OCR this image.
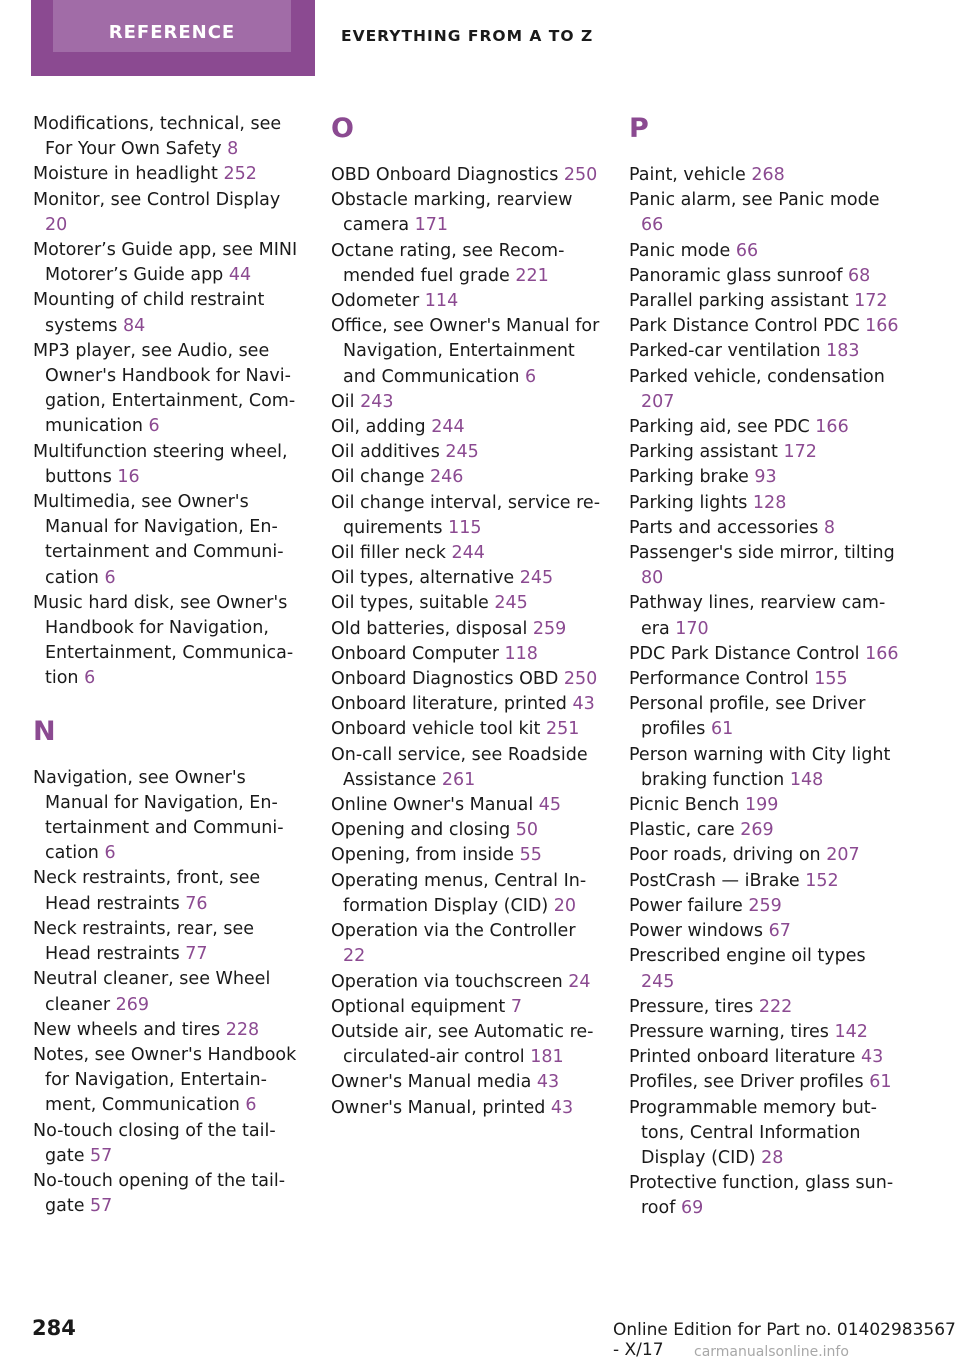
REFERENCE	EVERYTHING FROM A TO Z
Modifications, technical, see For Your Own Safety 8
Moisture in headlight 252
Monitor, see Control Display 20
Motorer’s Guide app, see MINI Motorer’s Guide app 44
Mounting of child restraint systems 84
MP3 player, see Audio, see Owner's Handbook for Navigation, Entertainment, Communication 6
Multifunction steering wheel, buttons 16
Multimedia, see Owner's Manual for Navigation, Entertainment and Communication 6
Music hard disk, see Owner's Handbook for Navigation, Entertainment, Communication 6
N
Navigation, see Owner's Manual for Navigation, Entertainment and Communication 6
Neck restraints, front, see Head restraints 76
Neck restraints, rear, see Head restraints 77
Neutral cleaner, see Wheel cleaner 269
New wheels and tires 228
Notes, see Owner's Handbook for Navigation, Entertainment, Communication 6
No-touch closing of the tailgate 57
No-touch opening of the tailgate 57
O
OBD Onboard Diagnostics 250
Obstacle marking, rearview camera 171
Octane rating, see Recommended fuel grade 221
Odometer 114
Office, see Owner's Manual for Navigation, Entertainment and Communication 6
Oil 243
Oil, adding 244
Oil additives 245
Oil change 246
Oil change interval, service requirements 115
Oil filler neck 244
Oil types, alternative 245
Oil types, suitable 245
Old batteries, disposal 259
Onboard Computer 118
Onboard Diagnostics OBD 250
Onboard literature, printed 43
Onboard vehicle tool kit 251
On-call service, see Roadside Assistance 261
Online Owner's Manual 45
Opening and closing 50
Opening, from inside 55
Operating menus, Central Information Display (CID) 20
Operation via the Controller 22
Operation via touchscreen 24
Optional equipment 7
Outside air, see Automatic recirculated-air control 181
Owner's Manual media 43
Owner's Manual, printed 43
P
Paint, vehicle 268
Panic alarm, see Panic mode 66
Panic mode 66
Panoramic glass sunroof 68
Parallel parking assistant 172
Park Distance Control PDC 166
Parked-car ventilation 183
Parked vehicle, condensation 207
Parking aid, see PDC 166
Parking assistant 172
Parking brake 93
Parking lights 128
Parts and accessories 8
Passenger's side mirror, tilting 80
Pathway lines, rearview camera 170
PDC Park Distance Control 166
Performance Control 155
Personal profile, see Driver profiles 61
Person warning with City light braking function 148
Picnic Bench 199
Plastic, care 269
Poor roads, driving on 207
PostCrash — iBrake 152
Power failure 259
Power windows 67
Prescribed engine oil types 245
Pressure, tires 222
Pressure warning, tires 142
Printed onboard literature 43
Profiles, see Driver profiles 61
Programmable memory buttons, Central Information Display (CID) 28
Protective function, glass sunroof 69
284	Online Edition for Part no. 01402983567 - X/17	carmanualsonline.info
